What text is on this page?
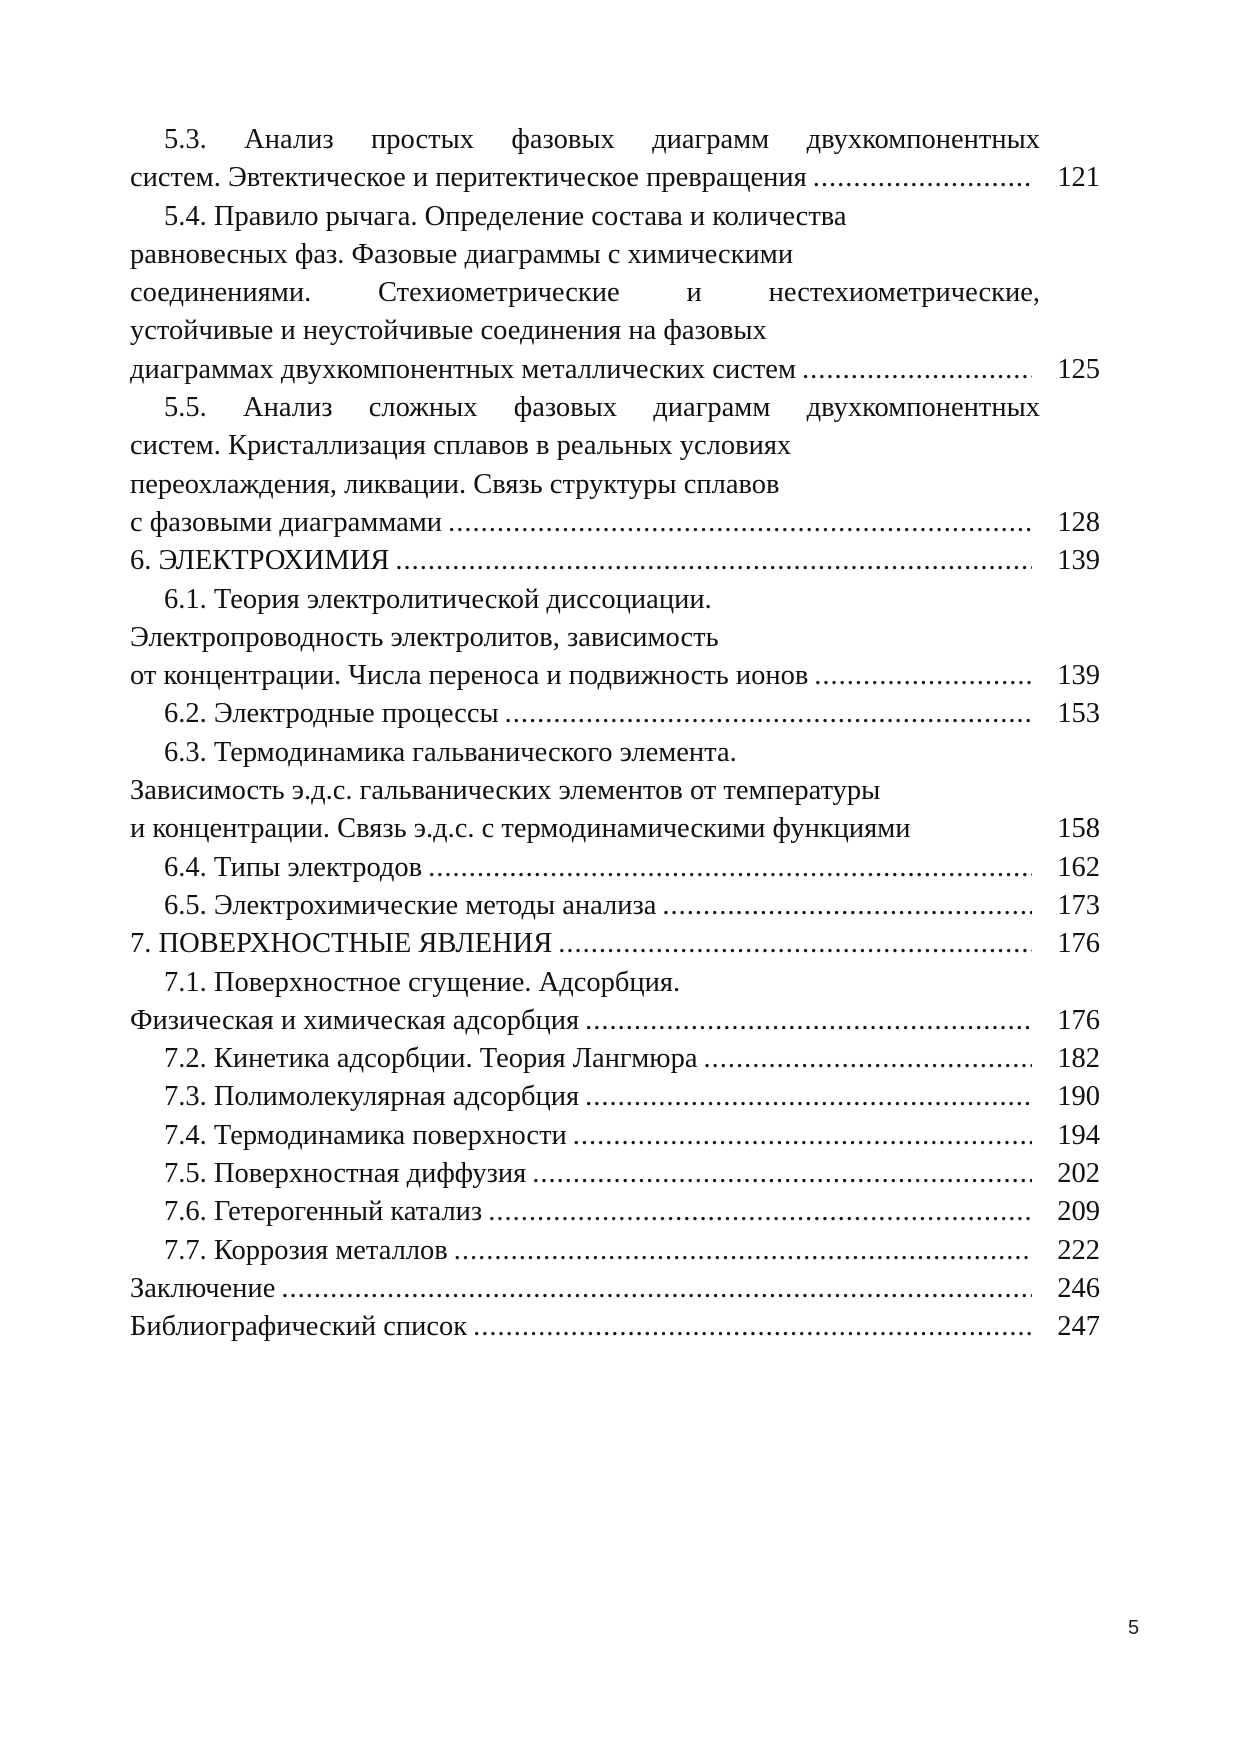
5.3. Анализ простых фазовых диаграмм двухкомпонентных
систем. Эвтектическое и перитектическое превращения .....	121
5.4. Правило рычага. Определение состава и количества
равновесных фаз. Фазовые диаграммы с химическими
соединениями. Стехиометрические и нестехиометрические,
устойчивые и неустойчивые соединения на фазовых
диаграммах двухкомпонентных металлических систем .....	125
5.5. Анализ сложных фазовых диаграмм двухкомпонентных
систем. Кристаллизация сплавов в реальных условиях
переохлаждения, ликвации. Связь структуры сплавов
с фазовыми диаграммами .....	128
6. ЭЛЕКТРОХИМИЯ .....	139
6.1. Теория электролитической диссоциации.
Электропроводность электролитов, зависимость
от концентрации. Числа переноса и подвижность ионов .....	139
6.2. Электродные процессы .....	153
6.3. Термодинамика гальванического элемента.
Зависимость э.д.с. гальванических элементов от температуры
и концентрации. Связь э.д.с. с термодинамическими функциями	158
6.4. Типы электродов .....	162
6.5. Электрохимические методы анализа .....	173
7. ПОВЕРХНОСТНЫЕ ЯВЛЕНИЯ .....	176
7.1. Поверхностное сгущение. Адсорбция.
Физическая и химическая адсорбция .....	176
7.2. Кинетика адсорбции. Теория Лангмюра .....	182
7.3. Полимолекулярная адсорбция .....	190
7.4. Термодинамика поверхности .....	194
7.5. Поверхностная диффузия .....	202
7.6. Гетерогенный катализ .....	209
7.7. Коррозия металлов .....	222
Заключение .....	246
Библиографический список .....	247
5
